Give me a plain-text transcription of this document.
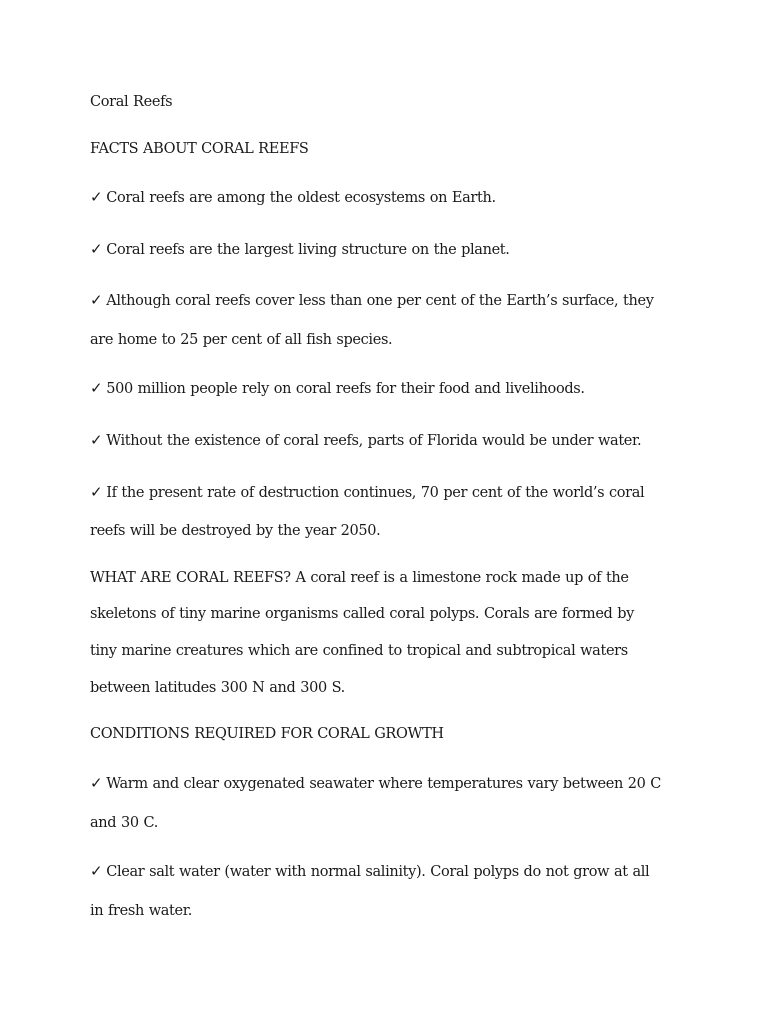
Coral Reefs
FACTS ABOUT CORAL REEFS
✓ Coral reefs are among the oldest ecosystems on Earth.
✓ Coral reefs are the largest living structure on the planet.
✓ Although coral reefs cover less than one per cent of the Earth’s surface, they
are home to 25 per cent of all fish species.
✓ 500 million people rely on coral reefs for their food and livelihoods.
✓ Without the existence of coral reefs, parts of Florida would be under water.
✓ If the present rate of destruction continues, 70 per cent of the world’s coral
reefs will be destroyed by the year 2050.
WHAT ARE CORAL REEFS? A coral reef is a limestone rock made up of the
skeletons of tiny marine organisms called coral polyps. Corals are formed by
tiny marine creatures which are confined to tropical and subtropical waters
between latitudes 300 N and 300 S.
CONDITIONS REQUIRED FOR CORAL GROWTH
✓ Warm and clear oxygenated seawater where temperatures vary between 20 C
and 30 C.
✓ Clear salt water (water with normal salinity). Coral polyps do not grow at all
in fresh water.
